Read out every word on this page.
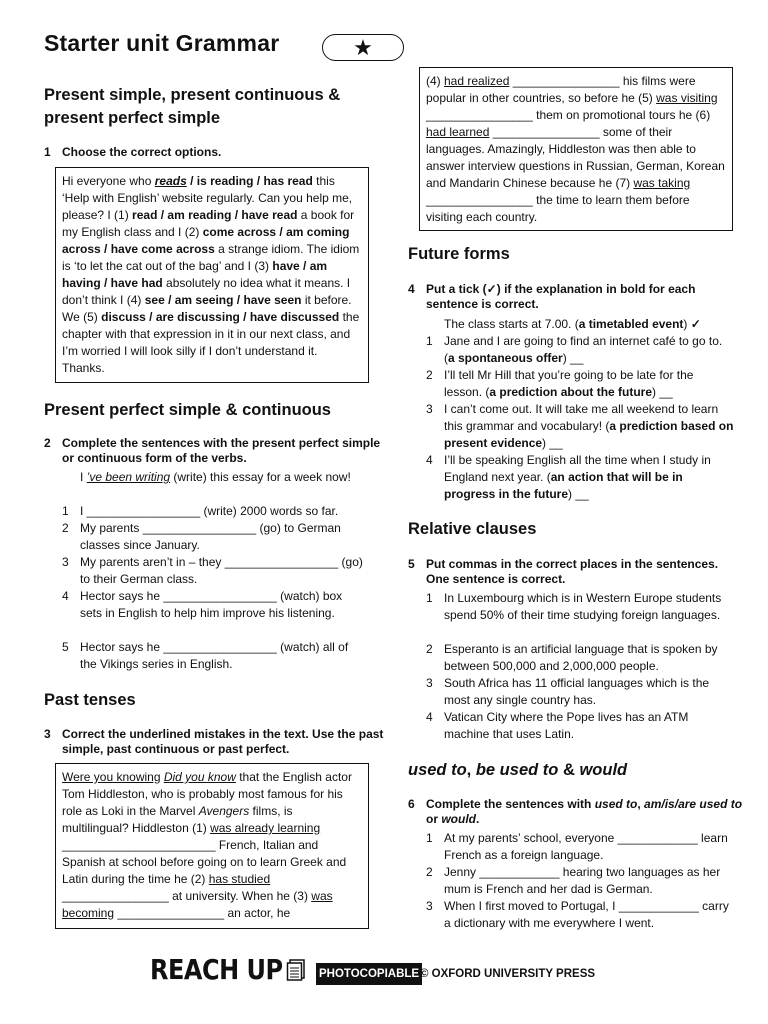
Starter unit Grammar	★
Present simple, present continuous & present perfect simple
1 Choose the correct options.

Hi everyone who reads / is reading / has read this ‘Help with English’ website regularly. Can you help me, please? I (1) read / am reading / have read a book for my English class and I (2) come across / am coming across / have come across a strange idiom. The idiom is ‘to let the cat out of the bag’ and I (3) have / am having / have had absolutely no idea what it means. I don’t think I (4) see / am seeing / have seen it before. We (5) discuss / are discussing / have discussed the chapter with that expression in it in our next class, and I’m worried I will look silly if I don’t understand it. Thanks.

Present perfect simple & continuous
2 Complete the sentences with the present perfect simple or continuous form of the verbs.
I ’ve been writing (write) this essay for a week now!
1 I _________________ (write) 2000 words so far.
2 My parents _________________ (go) to German classes since January.
3 My parents aren’t in – they _________________ (go) to their German class.
4 Hector says he _________________ (watch) box sets in English to help him improve his listening.
5 Hector says he _________________ (watch) all of the Vikings series in English.
Past tenses
3 Correct the underlined mistakes in the text. Use the past simple, past continuous or past perfect.

Were you knowing Did you know that the English actor Tom Hiddleston, who is probably most famous for his role as Loki in the Marvel Avengers films, is multilingual? Hiddleston (1) was already learning _______________________ French, Italian and Spanish at school before going on to learn Greek and Latin during the time he (2) has studied ________________ at university. When he (3) was becoming ________________ an actor, he

(4) had realized ________________ his films were popular in other countries, so before he (5) was visiting ________________ them on promotional tours he (6) had learned ________________ some of their languages. Amazingly, Hiddleston was then able to answer interview questions in Russian, German, Korean and Mandarin Chinese because he (7) was taking ________________ the time to learn them before visiting each country.

Future forms
4 Put a tick (✓) if the explanation in bold for each sentence is correct.
The class starts at 7.00. (a timetabled event) ✓
1 Jane and I are going to find an internet café to go to. (a spontaneous offer) __
2 I’ll tell Mr Hill that you’re going to be late for the lesson. (a prediction about the future) __
3 I can’t come out. It will take me all weekend to learn this grammar and vocabulary! (a prediction based on present evidence) __
4 I’ll be speaking English all the time when I study in England next year. (an action that will be in progress in the future) __
Relative clauses
5 Put commas in the correct places in the sentences. One sentence is correct.
1 In Luxembourg which is in Western Europe students spend 50% of their time studying foreign languages.
2 Esperanto is an artificial language that is spoken by between 500,000 and 2,000,000 people.
3 South Africa has 11 official languages which is the most any single country has.
4 Vatican City where the Pope lives has an ATM machine that uses Latin.
used to, be used to & would
6 Complete the sentences with used to, am/is/are used to or would.
1 At my parents’ school, everyone ____________ learn French as a foreign language.
2 Jenny ____________ hearing two languages as her mum is French and her dad is German.
3 When I first moved to Portugal, I ____________ carry a dictionary with me everywhere I went.
REACH UP	PHOTOCOPIABLE © OXFORD UNIVERSITY PRESS
